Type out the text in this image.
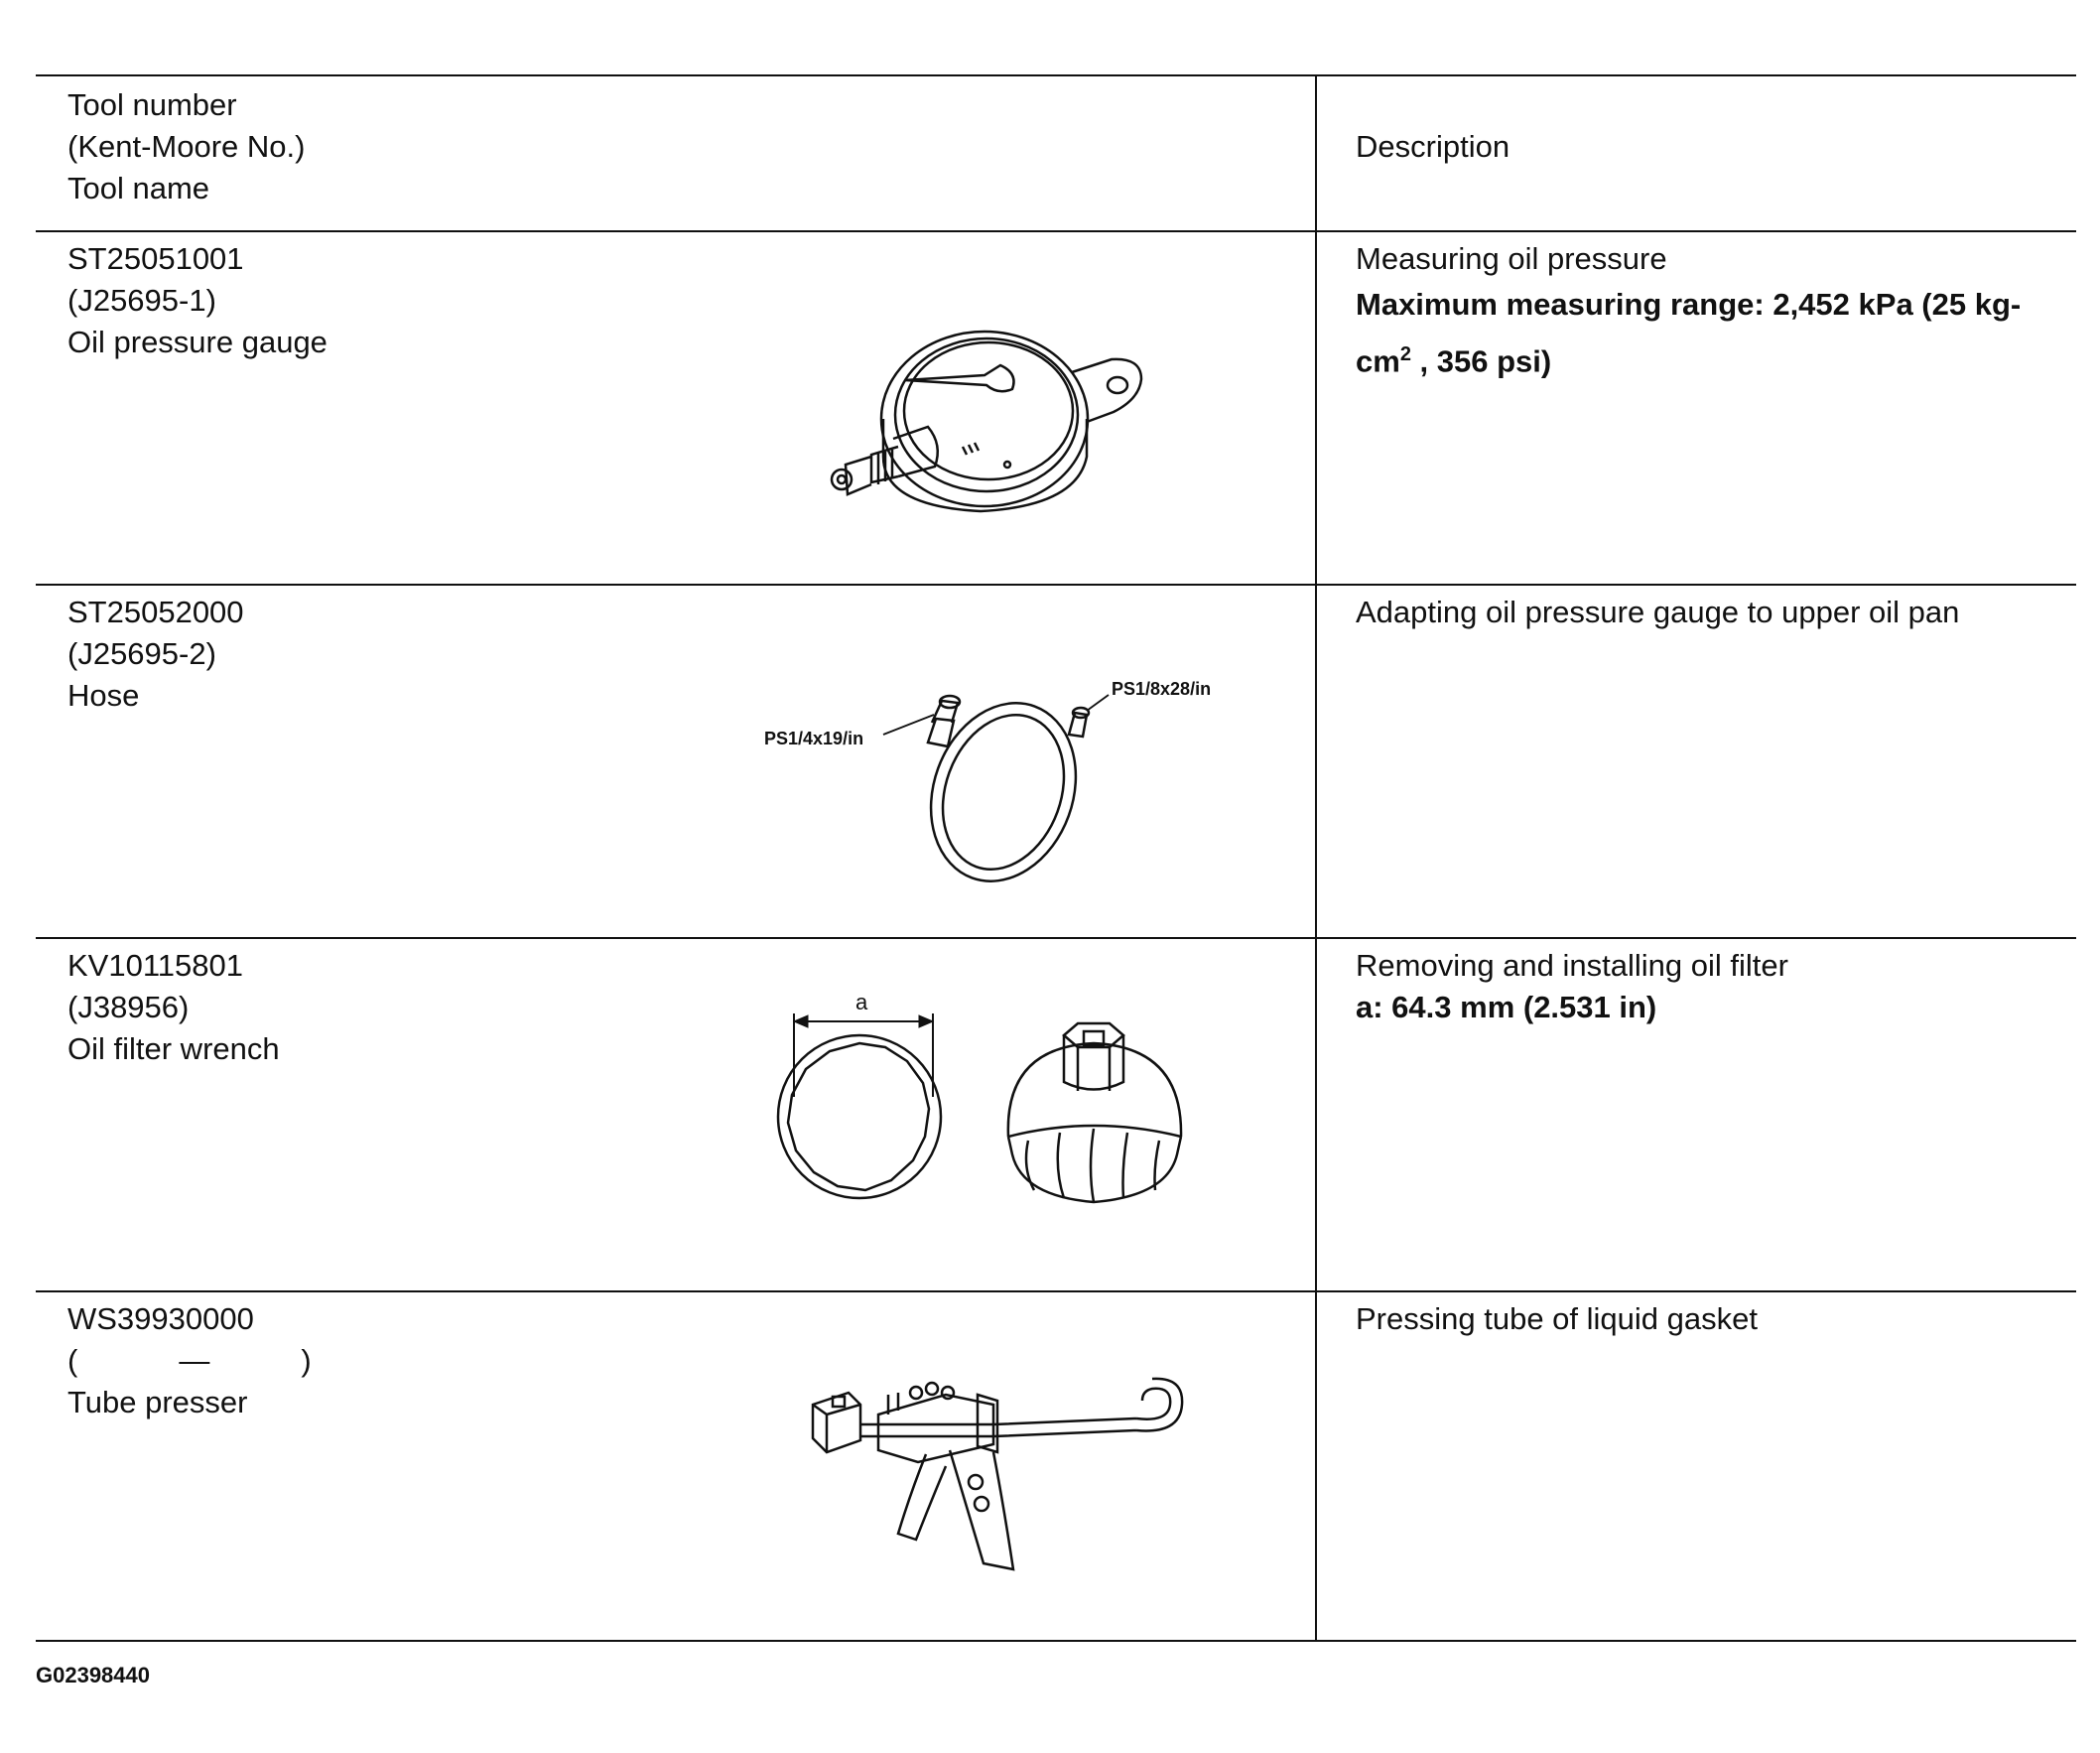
Tool number
(Kent-Moore No.)
Tool name
Description
ST25051001
(J25695-1)
Oil pressure gauge
Measuring oil pressure
Maximum measuring range: 2,452 kPa (25 $kg-cm^2$ , 356 psi)
ST25052000
(J25695-2)
Hose
Adapting oil pressure gauge to upper oil pan
PS1/4x19/in
PS1/8x28/in
KV10115801
(J38956)
Oil filter wrench
Removing and installing oil filter
a: 64.3 mm (2.531 in)
a
WS39930000
(	—	)
Tube presser
Pressing tube of liquid gasket
G02398440
